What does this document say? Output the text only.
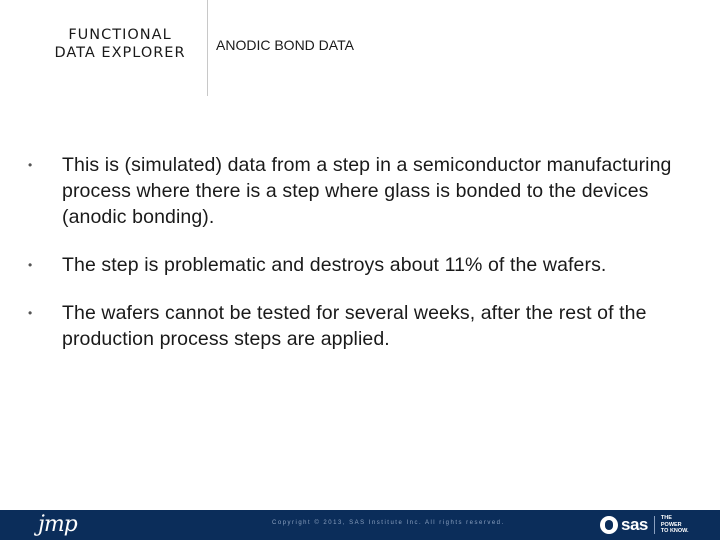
FUNCTIONAL
DATA EXPLORER	ANODIC BOND DATA
• This is (simulated) data from a step in a semiconductor manufacturing process where there is a step where glass is bonded to the devices (anodic bonding).
• The step is problematic and destroys about 11% of the wafers.
• The wafers cannot be tested for several weeks, after the rest of the production process steps are applied.
jmp	Copyright © 2013, SAS Institute Inc. All rights reserved.	sas THE
POWER
TO KNOW.
